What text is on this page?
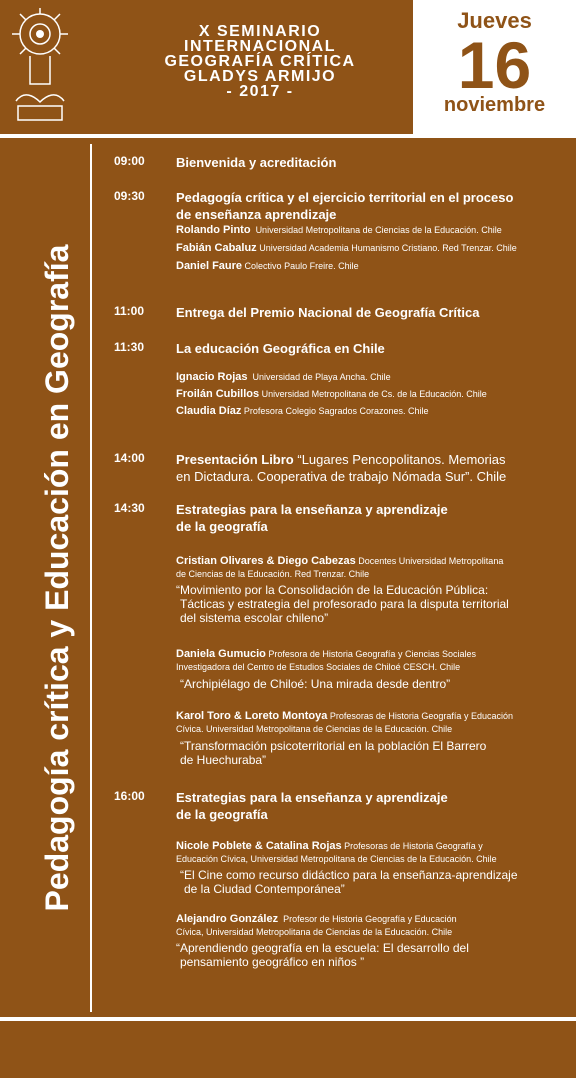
X SEMINARIO
INTERNACIONAL
GEOGRAFÍA CRÍTICA
GLADYS ARMIJO
- 2017 -
Jueves
16
noviembre
Pedagogía crítica y Educación en Geografía
09:00 Bienvenida y acreditación
09:30 Pedagogía crítica y el ejercicio territorial en el proceso
de enseñanza aprendizaje
Rolando Pinto Universidad Metropolitana de Ciencias de la Educación. Chile
Fabián Cabaluz Universidad Academia Humanismo Cristiano. Red Trenzar. Chile
Daniel Faure Colectivo Paulo Freire. Chile
11:00 Entrega del Premio Nacional de Geografía Crítica
11:30 La educación Geográfica en Chile
Ignacio Rojas Universidad de Playa Ancha. Chile
Froilán Cubillos Universidad Metropolitana de Cs. de la Educación. Chile
Claudia Díaz Profesora Colegio Sagrados Corazones. Chile
14:00 Presentación Libro “Lugares Pencopolitanos. Memorias
en Dictadura. Cooperativa de trabajo Nómada Sur”. Chile
14:30 Estrategias para la enseñanza y aprendizaje
de la geografía
Cristian Olivares & Diego Cabezas Docentes Universidad Metropolitana
de Ciencias de la Educación. Red Trenzar. Chile
“Movimiento por la Consolidación de la Educación Pública:
Tácticas y estrategia del profesorado para la disputa territorial
del sistema escolar chileno”
Daniela Gumucio Profesora de Historia Geografía y Ciencias Sociales
Investigadora del Centro de Estudios Sociales de Chiloé CESCH. Chile
“Archipiélago de Chiloé: Una mirada desde dentro”
Karol Toro & Loreto Montoya Profesoras de Historia Geografía y Educación
Cívica. Universidad Metropolitana de Ciencias de la Educación. Chile
“Transformación psicoterritorial en la población El Barrero
de Huechuraba”
16:00 Estrategias para la enseñanza y aprendizaje
de la geografía
Nicole Poblete & Catalina Rojas Profesoras de Historia Geografía y
Educación Cívica, Universidad Metropolitana de Ciencias de la Educación. Chile
“El Cine como recurso didáctico para la enseñanza-aprendizaje
de la Ciudad Contemporánea”
Alejandro González Profesor de Historia Geografía y Educación
Cívica, Universidad Metropolitana de Ciencias de la Educación. Chile
“Aprendiendo geografía en la escuela: El desarrollo del
pensamiento geográfico en niños ”
